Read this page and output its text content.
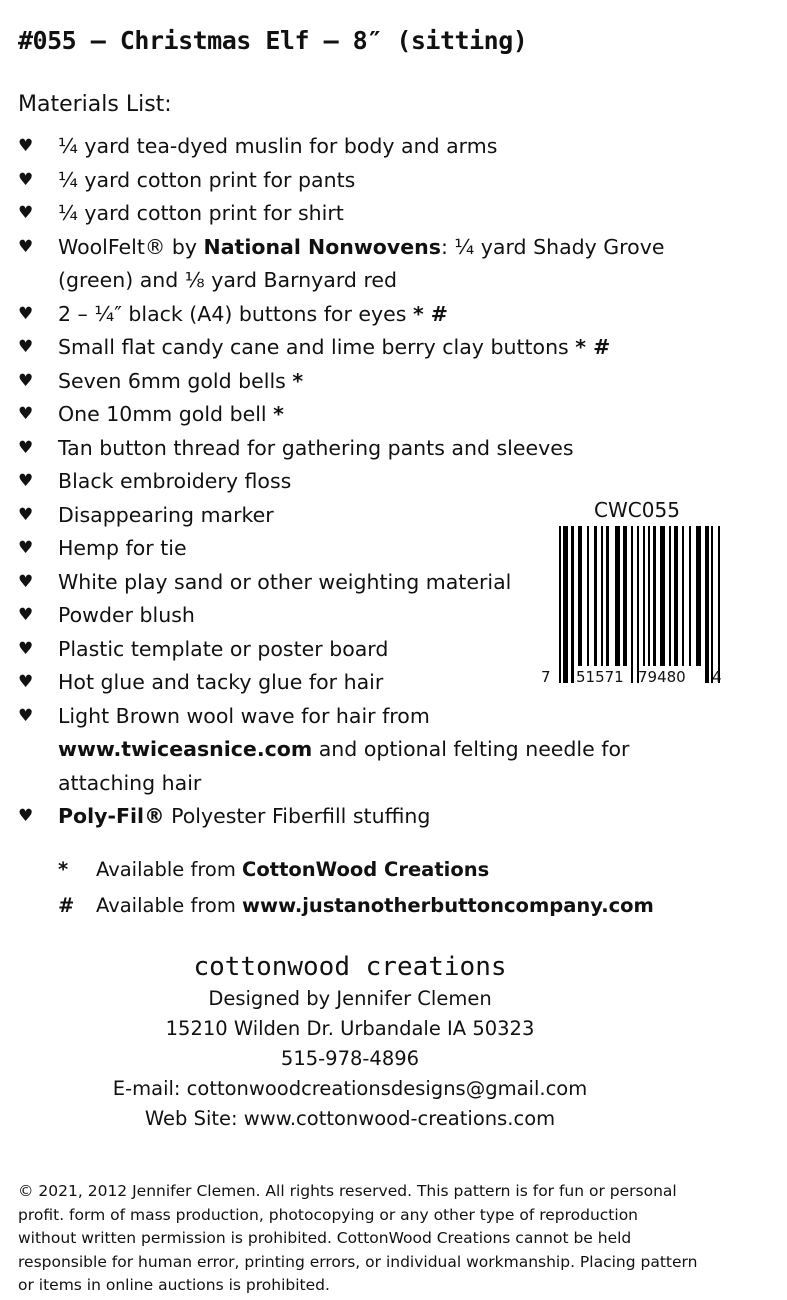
#055 – Christmas Elf – 8″ (sitting)
Materials List:
♥ ¼ yard tea-dyed muslin for body and arms
♥ ¼ yard cotton print for pants
♥ ¼ yard cotton print for shirt
♥ WoolFelt® by National Nonwovens: ¼ yard Shady Grove
(green) and ⅛ yard Barnyard red
♥ 2 – ¼″ black (A4) buttons for eyes * #
♥ Small flat candy cane and lime berry clay buttons * #
♥ Seven 6mm gold bells *
♥ One 10mm gold bell *
♥ Tan button thread for gathering pants and sleeves
♥ Black embroidery floss
♥ Disappearing marker
♥ Hemp for tie
♥ White play sand or other weighting material
♥ Powder blush
♥ Plastic template or poster board
♥ Hot glue and tacky glue for hair
♥ Light Brown wool wave for hair from
www.twiceasnice.com and optional felting needle for
attaching hair
♥ Poly-Fil® Polyester Fiberfill stuffing
* Available from CottonWood Creations
# Available from www.justanotherbuttoncompany.com
CWC055
7 51571 79480 4
cottonwood creations
Designed by Jennifer Clemen
15210 Wilden Dr. Urbandale IA 50323
515-978-4896
E-mail: cottonwoodcreationsdesigns@gmail.com
Web Site: www.cottonwood-creations.com
© 2021, 2012 Jennifer Clemen. All rights reserved. This pattern is for fun or personal profit. form of mass production, photocopying or any other type of reproduction without written permission is prohibited. CottonWood Creations cannot be held responsible for human error, printing errors, or individual workmanship. Placing pattern or items in online auctions is prohibited.
